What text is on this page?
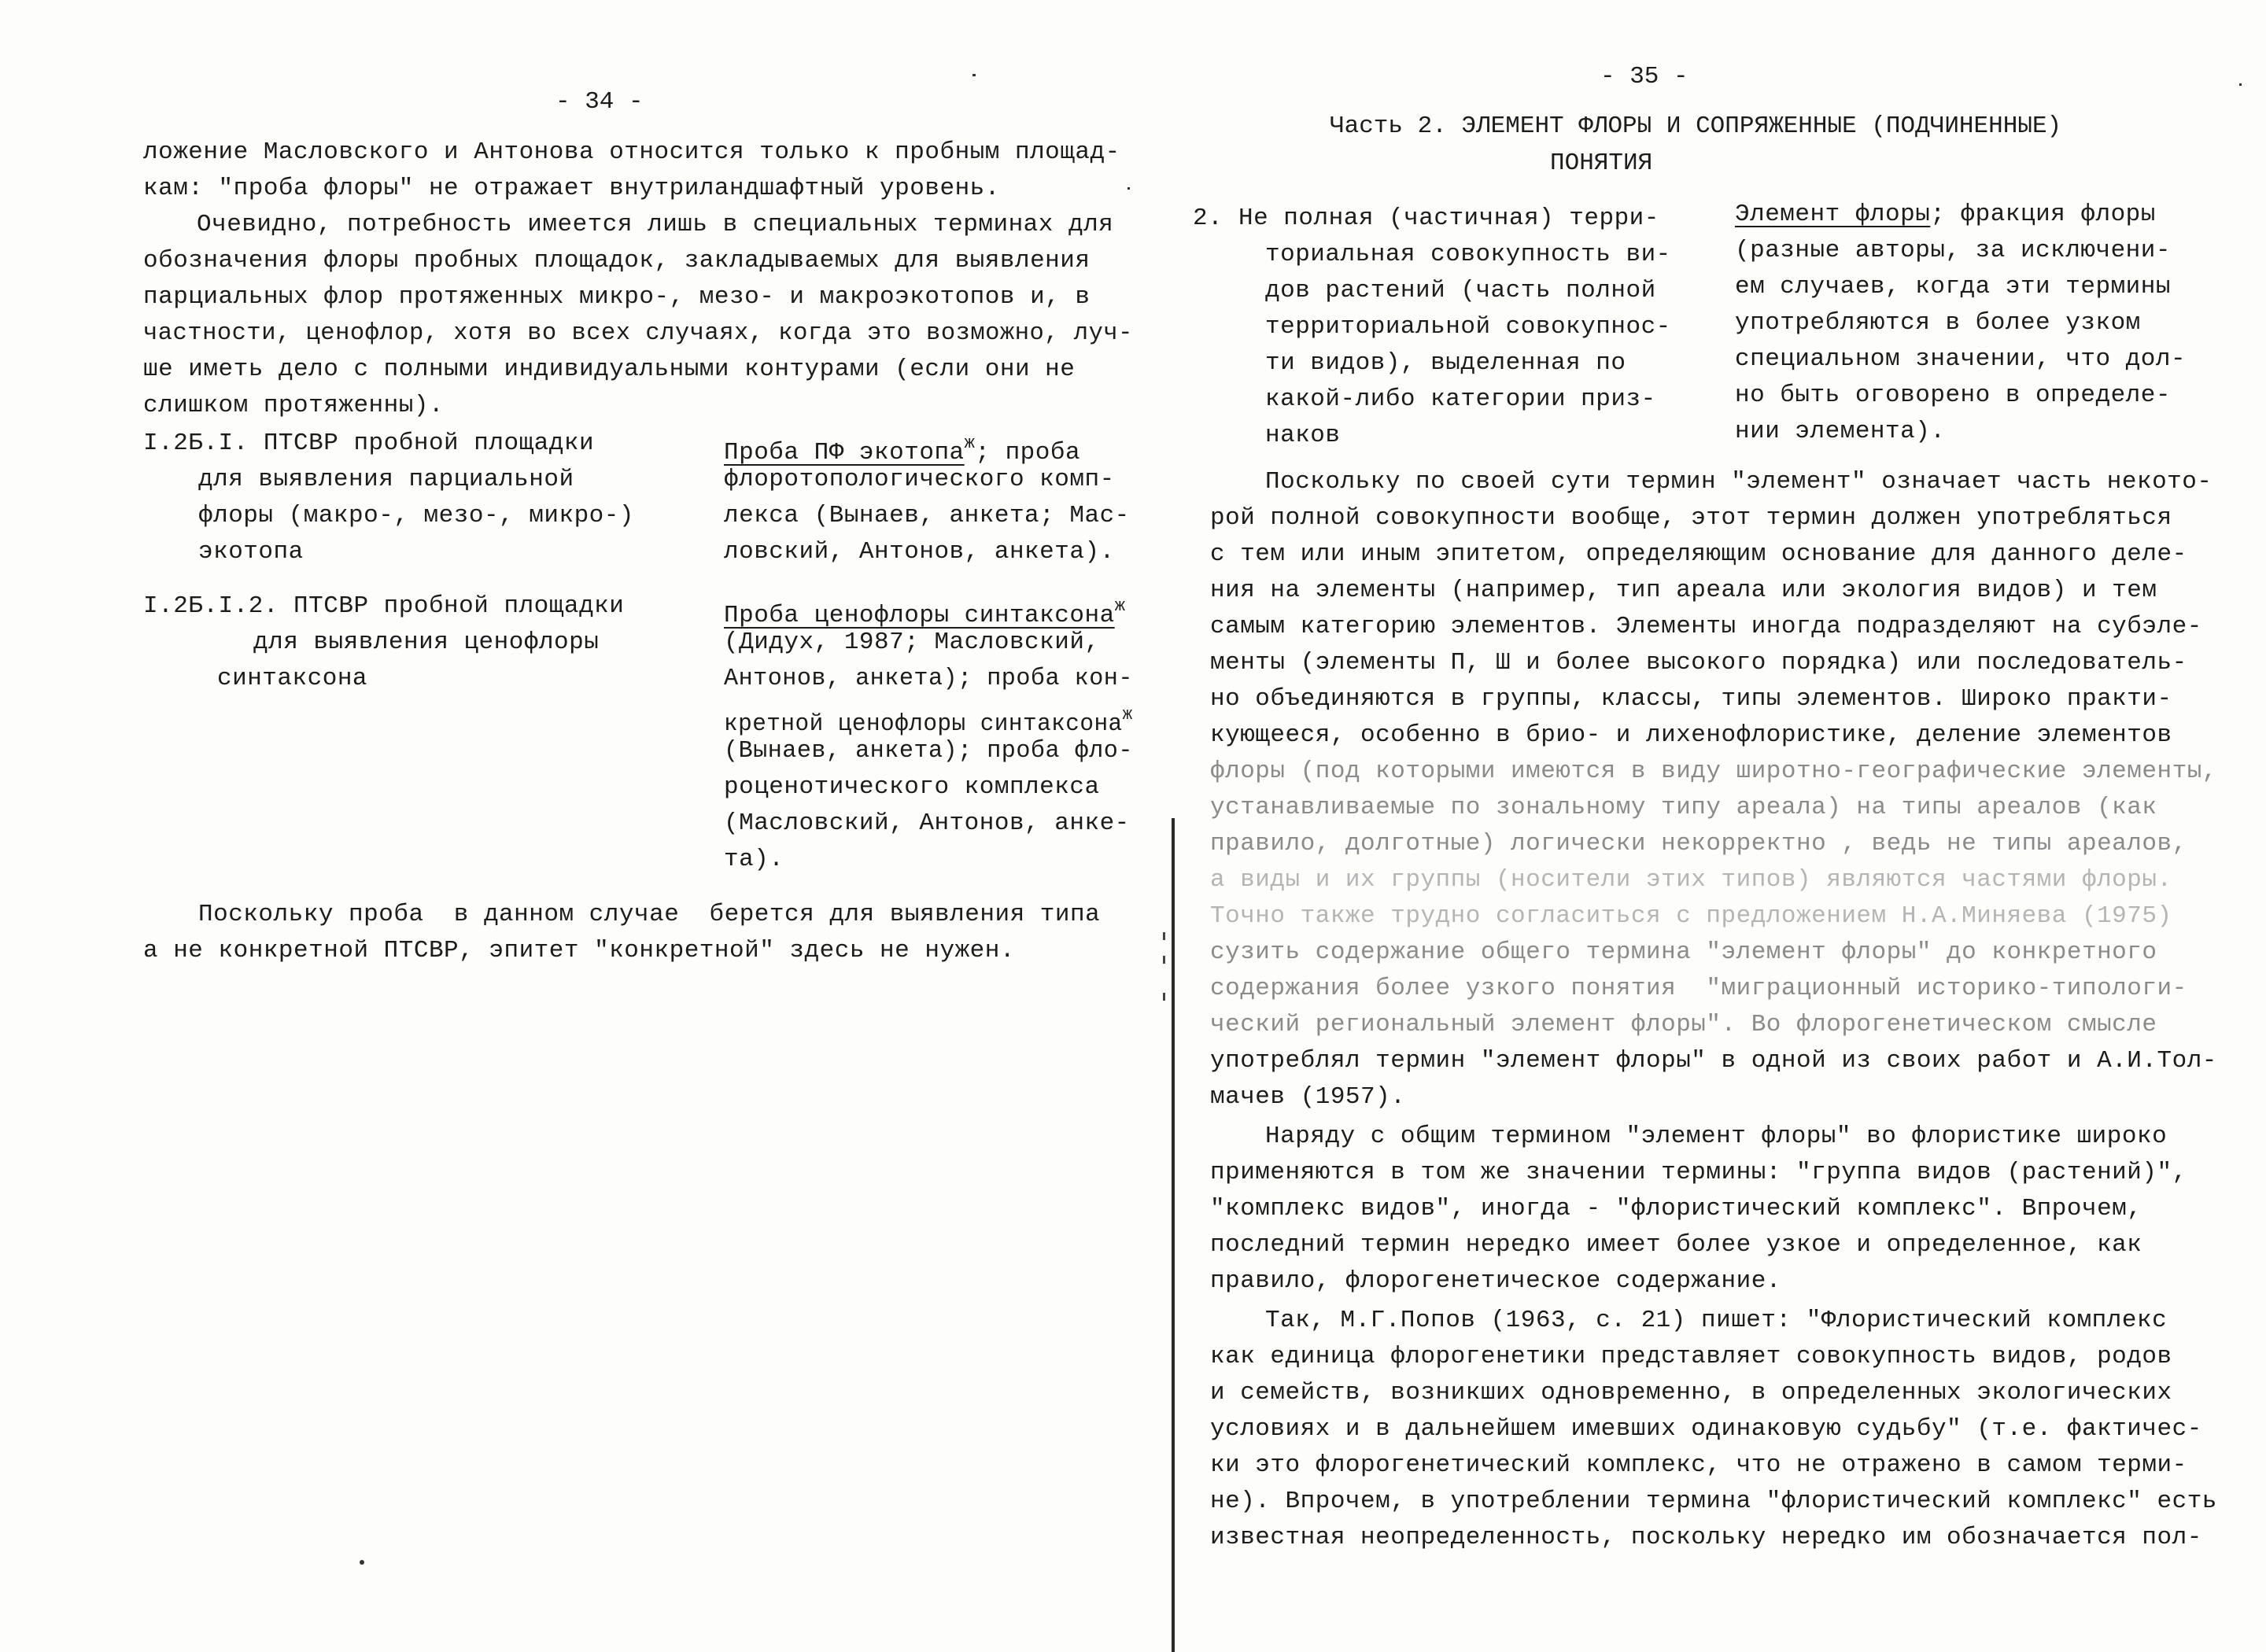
- 34 -
ложение Масловского и Антонова относится только к пробным площад-
кам: "проба флоры" не отражает внутриландшафтный уровень.
Очевидно, потребность имеется лишь в специальных терминах для
обозначения флоры пробных площадок, закладываемых для выявления
парциальных флор протяженных микро-, мезо- и макроэкотопов и, в
частности, ценофлор, хотя во всех случаях, когда это возможно, луч-
ше иметь дело с полными индивидуальными контурами (если они не
слишком протяженны).
I.2Б.I. ПТСВР пробной площадки
для выявления парциальной
флоры (макро-, мезо-, микро-)
экотопа
Проба ПФ экотопа$^ж$; проба
флоротопологического комп-
лекса (Вынаев, анкета; Мас-
ловский, Антонов, анкета).
I.2Б.I.2. ПТСВР пробной площадки
для выявления ценофлоры
синтаксона
Проба ценофлоры синтаксона$^ж$
(Дидух, 1987; Масловский,
Антонов, анкета); проба кон-
кретной ценофлоры синтаксона$^ж$
(Вынаев, анкета); проба фло-
роценотического комплекса
(Масловский, Антонов, анке-
та).
Поскольку проба  в данном случае  берется для выявления типа
а не конкретной ПТСВР, эпитет "конкретной" здесь не нужен.
- 35 -
Часть 2. ЭЛЕМЕНТ ФЛОРЫ И СОПРЯЖЕННЫЕ (ПОДЧИНЕННЫЕ)
ПОНЯТИЯ
2. Не полная (частичная) терри-
ториальная совокупность ви-
дов растений (часть полной
территориальной совокупнос-
ти видов), выделенная по
какой-либо категории приз-
наков
Элемент флоры; фракция флоры
(разные авторы, за исключени-
ем случаев, когда эти термины
употребляются в более узком
специальном значении, что дол-
но быть оговорено в определе-
нии элемента).
Поскольку по своей сути термин "элемент" означает часть некото-
рой полной совокупности вообще, этот термин должен употребляться
с тем или иным эпитетом, определяющим основание для данного деле-
ния на элементы (например, тип ареала или экология видов) и тем
самым категорию элементов. Элементы иногда подразделяют на субэле-
менты (элементы П, Ш и более высокого порядка) или последователь-
но объединяются в группы, классы, типы элементов. Широко практи-
кующееся, особенно в брио- и лихенофлористике, деление элементов
флоры (под которыми имеются в виду широтно-географические элементы,
устанавливаемые по зональному типу ареала) на типы ареалов (как
правило, долготные) логически некорректно , ведь не типы ареалов,
а виды и их группы (носители этих типов) являются частями флоры.
Точно также трудно согласиться с предложением Н.А.Миняева (1975)
сузить содержание общего термина "элемент флоры" до конкретного
содержания более узкого понятия  "миграционный историко-типологи-
ческий региональный элемент флоры". Во флорогенетическом смысле
употреблял термин "элемент флоры" в одной из своих работ и А.И.Тол-
мачев (1957).
Наряду с общим термином "элемент флоры" во флористике широко
применяются в том же значении термины: "группа видов (растений)",
"комплекс видов", иногда - "флористический комплекс". Впрочем,
последний термин нередко имеет более узкое и определенное, как
правило, флорогенетическое содержание.
Так, М.Г.Попов (1963, с. 21) пишет: "Флористический комплекс
как единица флорогенетики представляет совокупность видов, родов
и семейств, возникших одновременно, в определенных экологических
условиях и в дальнейшем имевших одинаковую судьбу" (т.е. фактичес-
ки это флорогенетический комплекс, что не отражено в самом терми-
не). Впрочем, в употреблении термина "флористический комплекс" есть
известная неопределенность, поскольку нередко им обозначается пол-
